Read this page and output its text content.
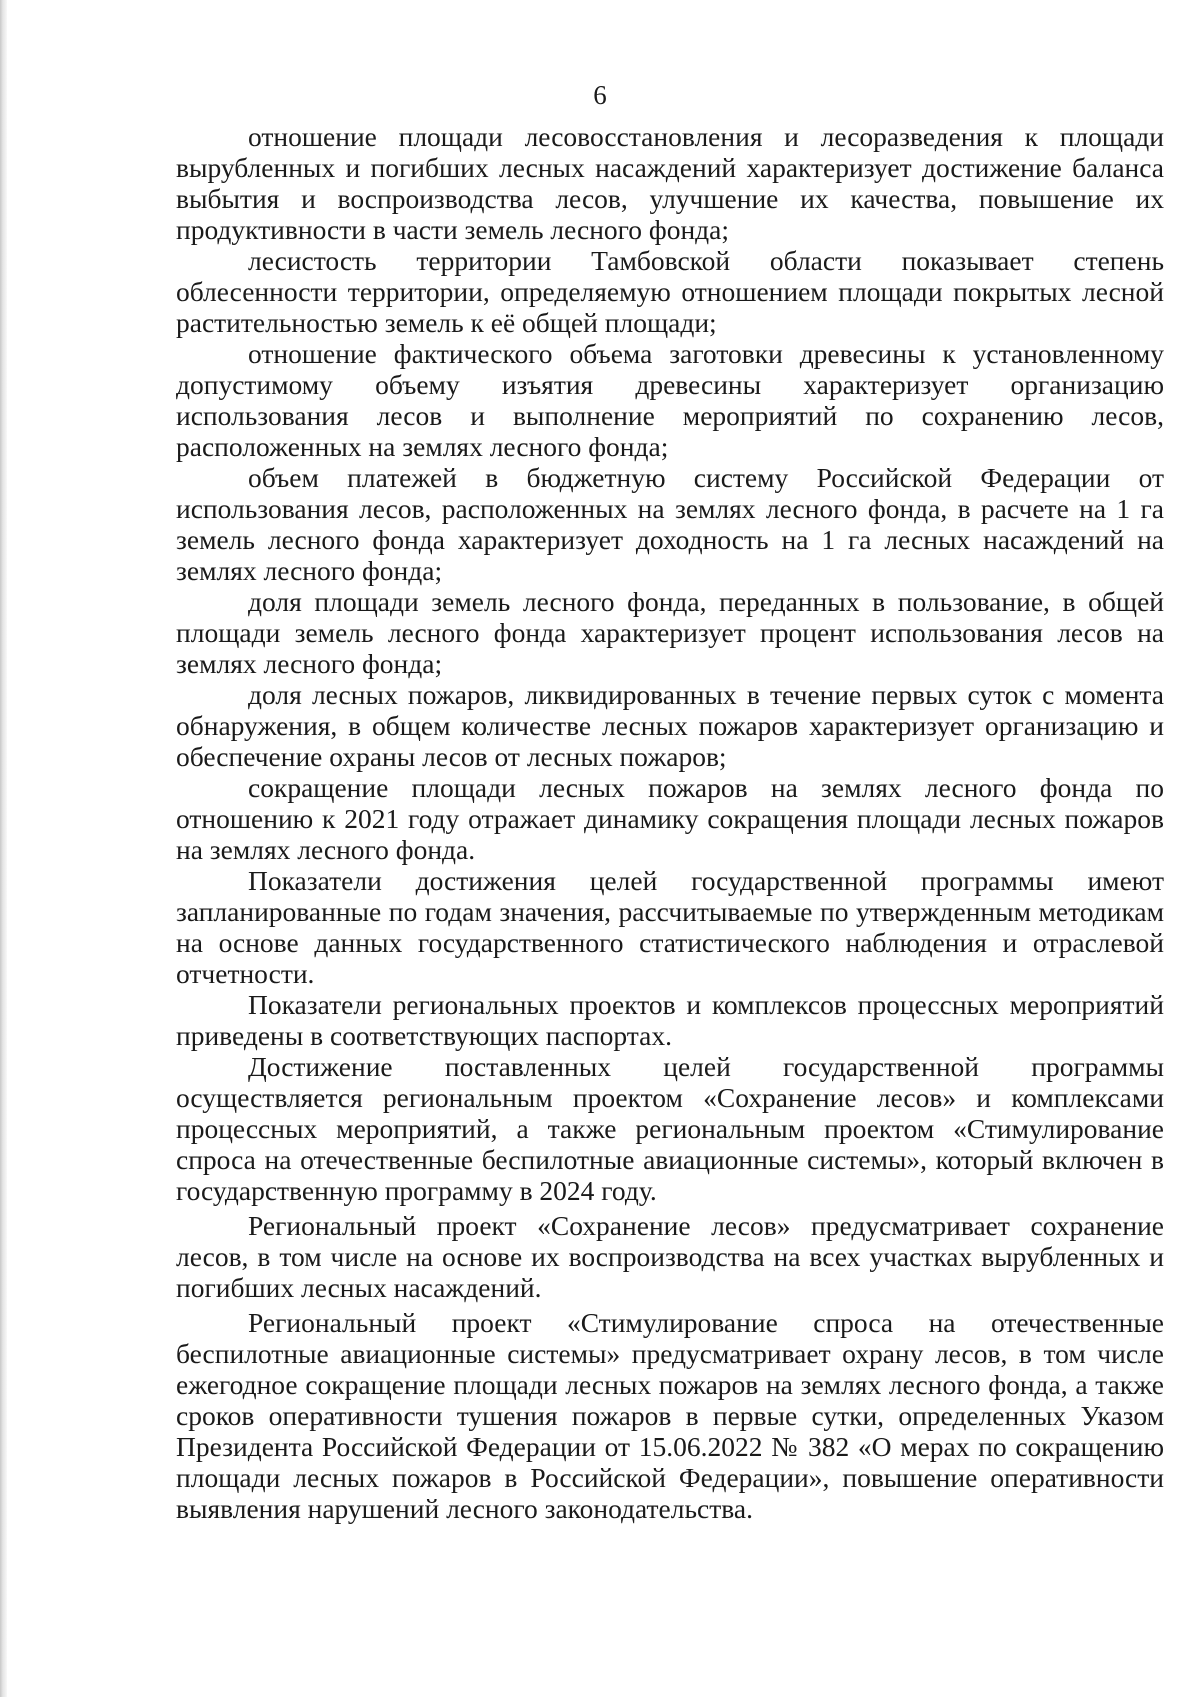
6

отношение площади лесовосстановления и лесоразведения к площади вырубленных и погибших лесных насаждений характеризует достижение баланса выбытия и воспроизводства лесов, улучшение их качества, повышение их продуктивности в части земель лесного фонда;

лесистость территории Тамбовской области показывает степень облесенности территории, определяемую отношением площади покрытых лесной растительностью земель к её общей площади;

отношение фактического объема заготовки древесины к установленному допустимому объему изъятия древесины характеризует организацию использования лесов и выполнение мероприятий по сохранению лесов, расположенных на землях лесного фонда;

объем платежей в бюджетную систему Российской Федерации от использования лесов, расположенных на землях лесного фонда, в расчете на 1 га земель лесного фонда характеризует доходность на 1 га лесных насаждений на землях лесного фонда;

доля площади земель лесного фонда, переданных в пользование, в общей площади земель лесного фонда характеризует процент использования лесов на землях лесного фонда;

доля лесных пожаров, ликвидированных в течение первых суток с момента обнаружения, в общем количестве лесных пожаров характеризует организацию и обеспечение охраны лесов от лесных пожаров;

сокращение площади лесных пожаров на землях лесного фонда по отношению к 2021 году отражает динамику сокращения площади лесных пожаров на землях лесного фонда.

Показатели достижения целей государственной программы имеют запланированные по годам значения, рассчитываемые по утвержденным методикам на основе данных государственного статистического наблюдения и отраслевой отчетности.

Показатели региональных проектов и комплексов процессных мероприятий приведены в соответствующих паспортах.

Достижение поставленных целей государственной программы осуществляется региональным проектом «Сохранение лесов» и комплексами процессных мероприятий, а также региональным проектом «Стимулирование спроса на отечественные беспилотные авиационные системы», который включен в государственную программу в 2024 году.

Региональный проект «Сохранение лесов» предусматривает сохранение лесов, в том числе на основе их воспроизводства на всех участках вырубленных и погибших лесных насаждений.

Региональный проект «Стимулирование спроса на отечественные беспилотные авиационные системы» предусматривает охрану лесов, в том числе ежегодное сокращение площади лесных пожаров на землях лесного фонда, а также сроков оперативности тушения пожаров в первые сутки, определенных Указом Президента Российской Федерации от 15.06.2022 № 382 «О мерах по сокращению площади лесных пожаров в Российской Федерации», повышение оперативности выявления нарушений лесного законодательства.
